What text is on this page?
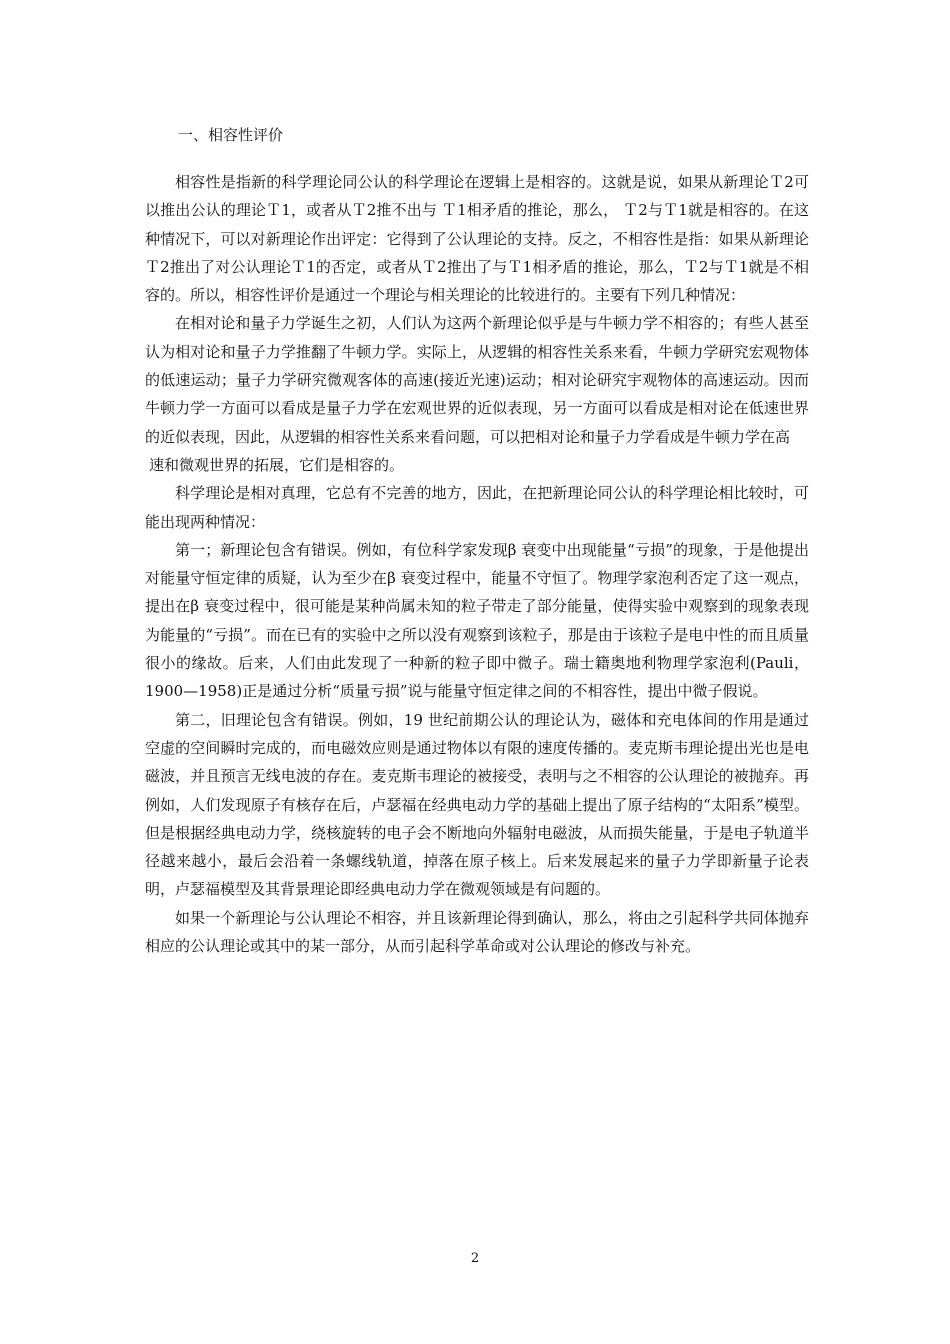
一、相容性评价

相容性是指新的科学理论同公认的科学理论在逻辑上是相容的。这就是说，如果从新理论Ｔ2可以推出公认的理论Ｔ1，或者从Ｔ2推不出与 Ｔ1相矛盾的推论，那么， Ｔ2与Ｔ1就是相容的。在这种情况下，可以对新理论作出评定：它得到了公认理论的支持。反之，不相容性是指：如果从新理论Ｔ2推出了对公认理论Ｔ1的否定，或者从Ｔ2推出了与Ｔ1相矛盾的推论，那么，Ｔ2与Ｔ1就是不相容的。所以，相容性评价是通过一个理论与相关理论的比较进行的。主要有下列几种情况：

在相对论和量子力学诞生之初，人们认为这两个新理论似乎是与牛顿力学不相容的；有些人甚至认为相对论和量子力学推翻了牛顿力学。实际上，从逻辑的相容性关系来看，牛顿力学研究宏观物体的低速运动；量子力学研究微观客体的高速(接近光速)运动；相对论研究宇观物体的高速运动。因而牛顿力学一方面可以看成是量子力学在宏观世界的近似表现，另一方面可以看成是相对论在低速世界的近似表现，因此，从逻辑的相容性关系来看问题，可以把相对论和量子力学看成是牛顿力学在高

速和微观世界的拓展，它们是相容的。

科学理论是相对真理，它总有不完善的地方，因此，在把新理论同公认的科学理论相比较时，可能出现两种情况：

第一；新理论包含有错误。例如，有位科学家发现β 衰变中出现能量“亏损”的现象，于是他提出对能量守恒定律的质疑，认为至少在β 衰变过程中，能量不守恒了。物理学家泡利否定了这一观点，提出在β 衰变过程中，很可能是某种尚属未知的粒子带走了部分能量，使得实验中观察到的现象表现为能量的“亏损”。而在已有的实验中之所以没有观察到该粒子，那是由于该粒子是电中性的而且质量很小的缘故。后来，人们由此发现了一种新的粒子即中微子。瑞士籍奥地利物理学家泡利(Pauli， 1900—1958)正是通过分析“质量亏损”说与能量守恒定律之间的不相容性，提出中微子假说。

第二，旧理论包含有错误。例如，19 世纪前期公认的理论认为，磁体和充电体间的作用是通过空虚的空间瞬时完成的，而电磁效应则是通过物体以有限的速度传播的。麦克斯韦理论提出光也是电磁波，并且预言无线电波的存在。麦克斯韦理论的被接受，表明与之不相容的公认理论的被抛弃。再例如，人们发现原子有核存在后，卢瑟福在经典电动力学的基础上提出了原子结构的“太阳系”模型。但是根据经典电动力学，绕核旋转的电子会不断地向外辐射电磁波，从而损失能量，于是电子轨道半径越来越小，最后会沿着一条螺线轨道，掉落在原子核上。后来发展起来的量子力学即新量子论表明，卢瑟福模型及其背景理论即经典电动力学在微观领域是有问题的。

如果一个新理论与公认理论不相容，并且该新理论得到确认，那么，将由之引起科学共同体抛弃相应的公认理论或其中的某一部分，从而引起科学革命或对公认理论的修改与补充。

2
